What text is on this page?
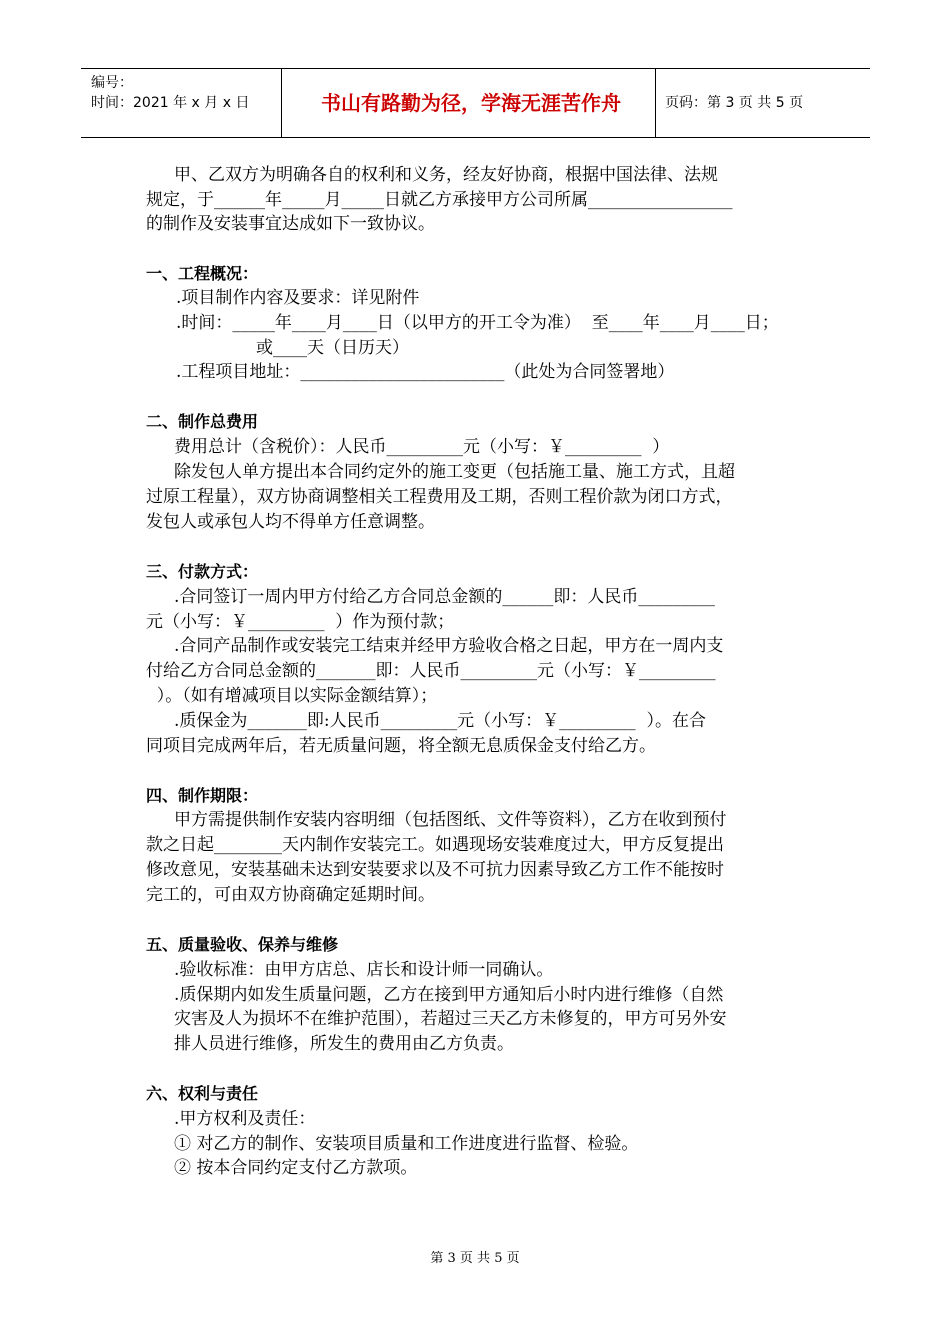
编号：
时间：2021 年 x 月 x 日	书山有路勤为径，学海无涯苦作舟	页码：第 3 页 共 5 页
甲、乙双方为明确各自的权利和义务，经友好协商，根据中国法律、法规
规定，于______年_____月_____日就乙方承接甲方公司所属_________________
的制作及安装事宜达成如下一致协议。
一、工程概况：
.项目制作内容及要求：详见附件
.时间：_____年____月____日（以甲方的开工令为准）  至____年____月____日；
或____天（日历天）
.工程项目地址：________________________（此处为合同签署地）
二、制作总费用
费用总计（含税价）：人民币_________元（小写：￥_________  ）
除发包人单方提出本合同约定外的施工变更（包括施工量、施工方式，且超
过原工程量），双方协商调整相关工程费用及工期，否则工程价款为闭口方式，
发包人或承包人均不得单方任意调整。
三、付款方式：
.合同签订一周内甲方付给乙方合同总金额的______即：人民币_________
元（小写：￥_________  ）作为预付款；
.合同产品制作或安装完工结束并经甲方验收合格之日起，甲方在一周内支
付给乙方合同总金额的_______即：人民币_________元（小写：￥_________
）。（如有增减项目以实际金额结算）；
.质保金为_______即:人民币_________元（小写：￥_________  ）。在合
同项目完成两年后，若无质量问题，将全额无息质保金支付给乙方。
四、制作期限：
甲方需提供制作安装内容明细（包括图纸、文件等资料），乙方在收到预付
款之日起________天内制作安装完工。如遇现场安装难度过大，甲方反复提出
修改意见，安装基础未达到安装要求以及不可抗力因素导致乙方工作不能按时
完工的，可由双方协商确定延期时间。
五、质量验收、保养与维修
.验收标准：由甲方店总、店长和设计师一同确认。
.质保期内如发生质量问题，乙方在接到甲方通知后小时内进行维修（自然
灾害及人为损坏不在维护范围），若超过三天乙方未修复的，甲方可另外安
排人员进行维修，所发生的费用由乙方负责。
六、权利与责任
.甲方权利及责任：
① 对乙方的制作、安装项目质量和工作进度进行监督、检验。
② 按本合同约定支付乙方款项。
第 3 页 共 5 页
